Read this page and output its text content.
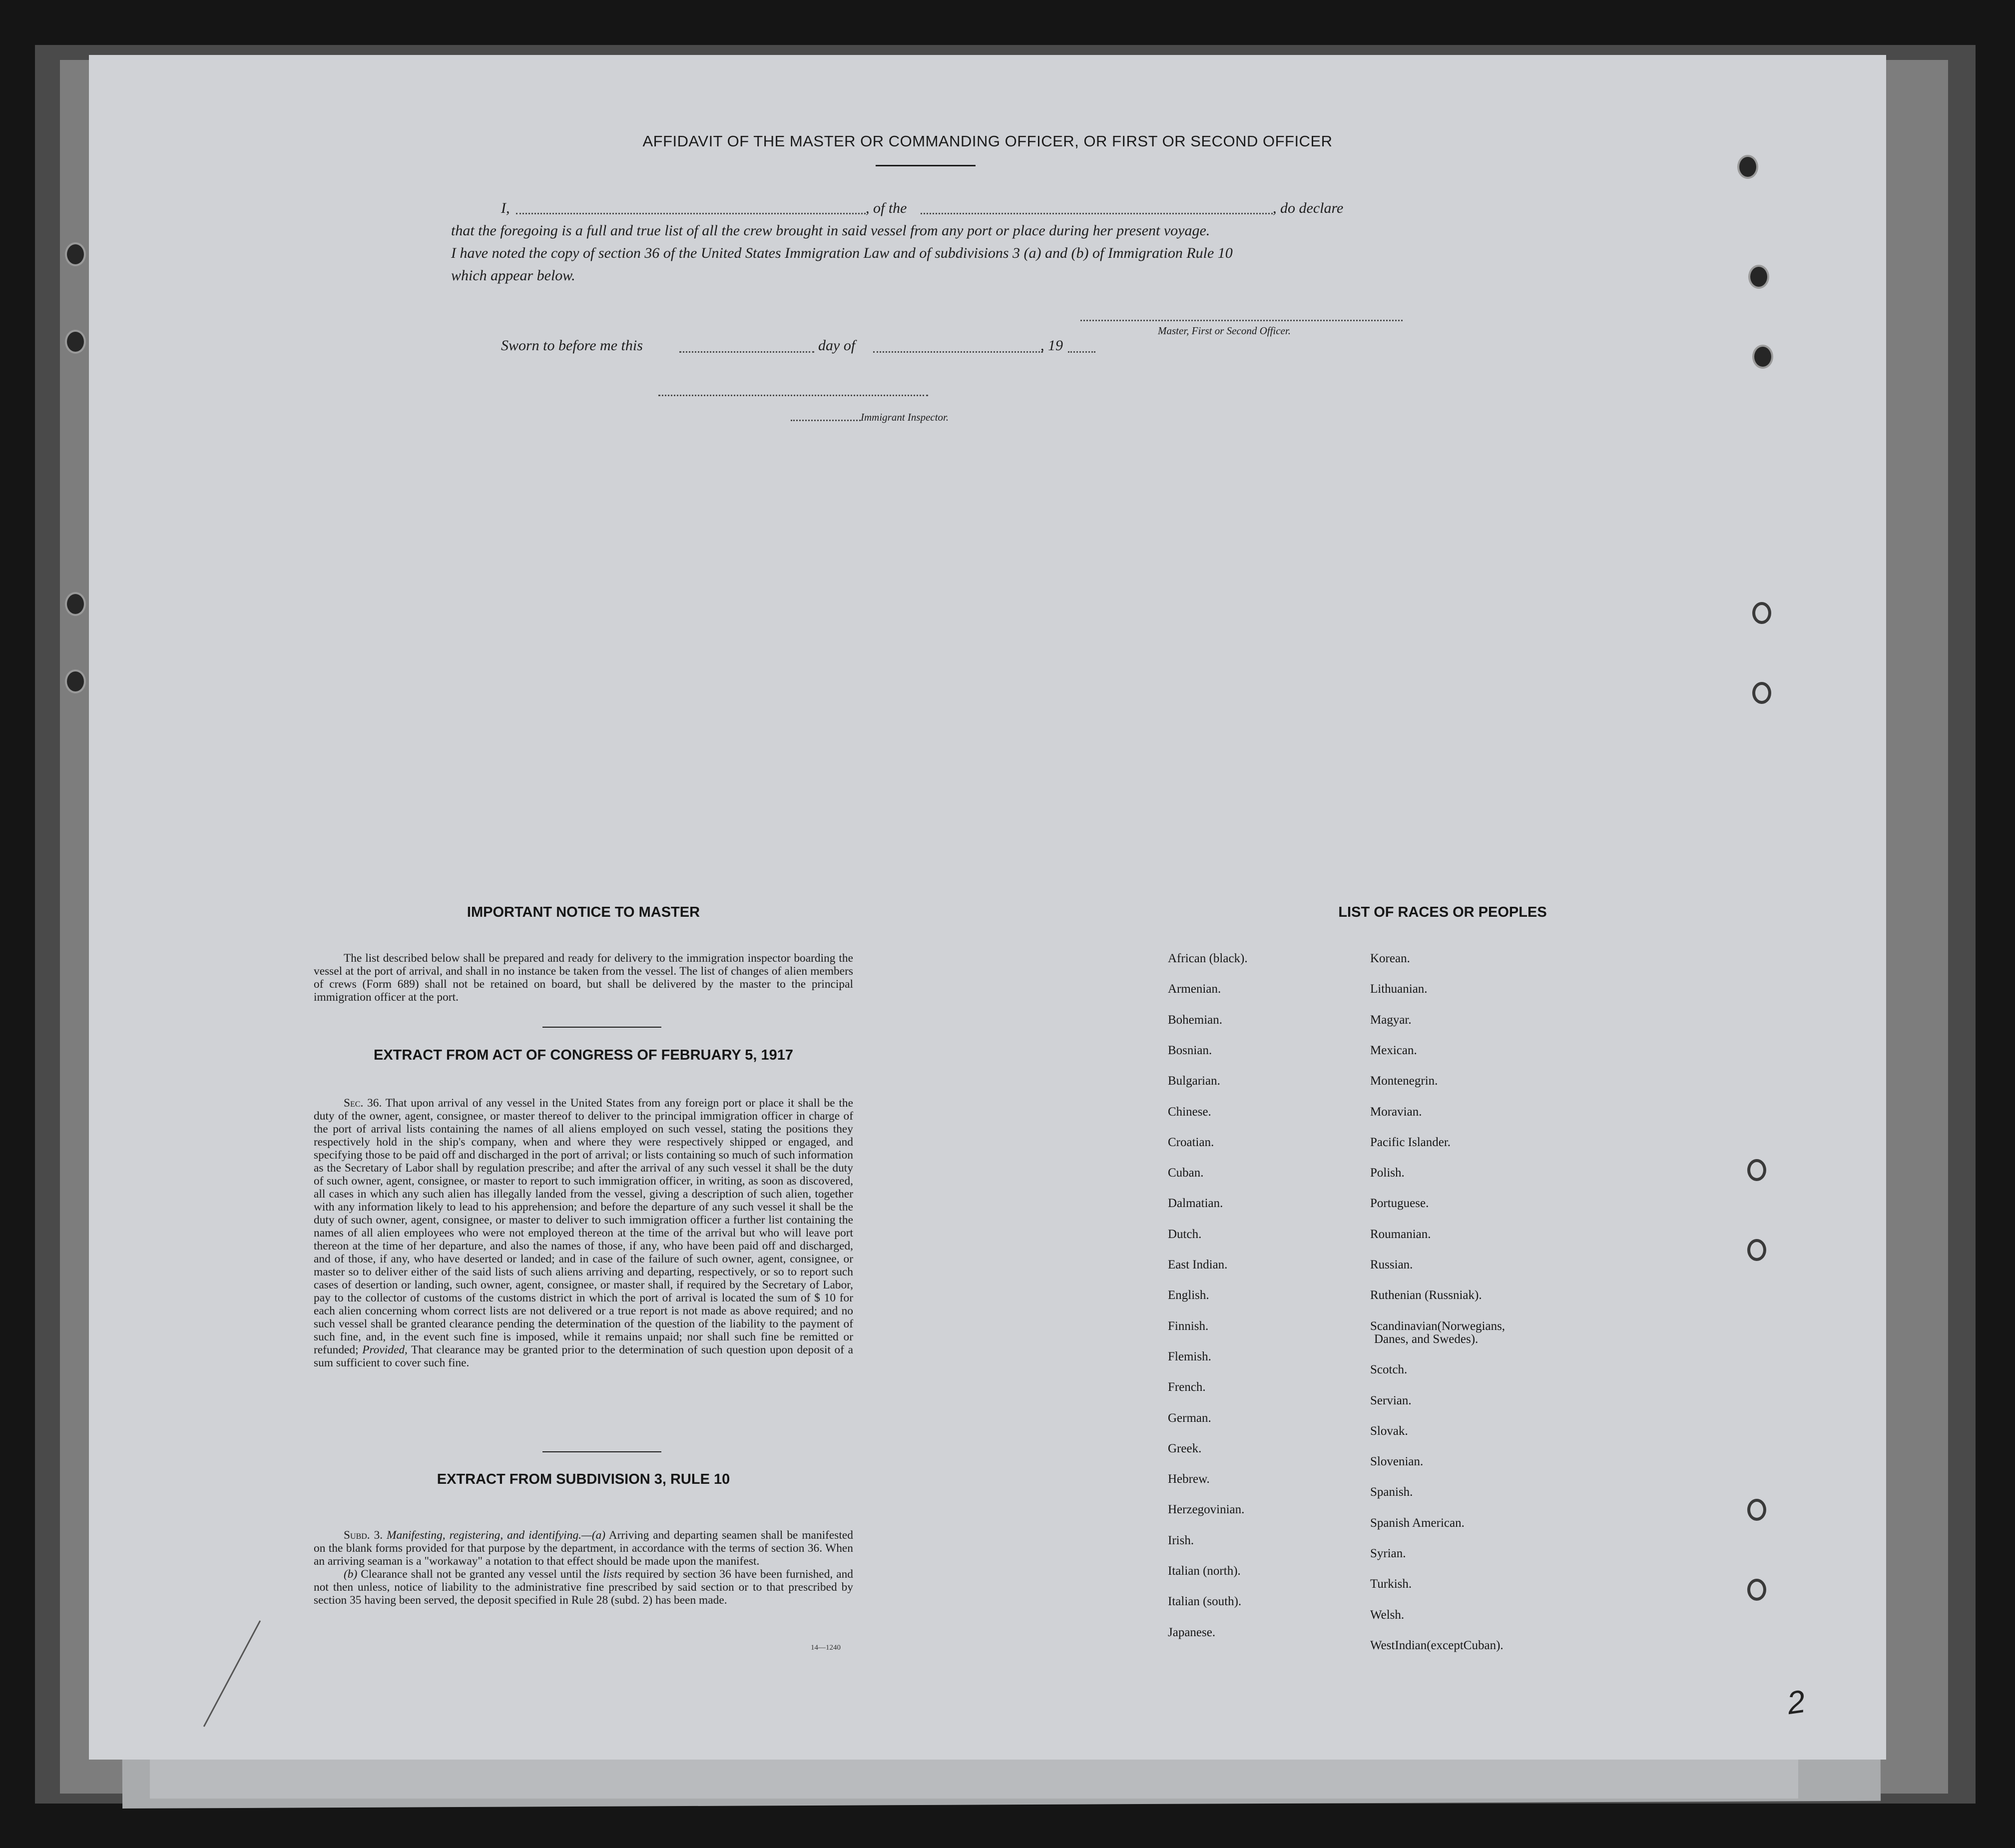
AFFIDAVIT OF THE MASTER OR COMMANDING OFFICER, OR FIRST OR SECOND OFFICER
I,	, of the	, do declare
that the foregoing is a full and true list of all the crew brought in said vessel from any port or place during her present voyage.
I have noted the copy of section 36 of the United States Immigration Law and of subdivisions 3 (a) and (b) of Immigration Rule 10
which appear below.
Master, First or Second Officer.
Sworn to before me this	day of	, 19
Immigrant Inspector.
IMPORTANT NOTICE TO MASTER
The list described below shall be prepared and ready for delivery to the immigration inspector boarding the vessel at the port of arrival, and shall in no instance be taken from the vessel. The list of changes of alien members of crews (Form 689) shall not be retained on board, but shall be delivered by the master to the principal immigration officer at the port.
EXTRACT FROM ACT OF CONGRESS OF FEBRUARY 5, 1917
Sec. 36. That upon arrival of any vessel in the United States from any foreign port or place it shall be the duty of the owner, agent, consignee, or master thereof to deliver to the principal immigration officer in charge of the port of arrival lists containing the names of all aliens employed on such vessel, stating the positions they respectively hold in the ship's company, when and where they were respectively shipped or engaged, and specifying those to be paid off and discharged in the port of arrival; or lists containing so much of such information as the Secretary of Labor shall by regulation prescribe; and after the arrival of any such vessel it shall be the duty of such owner, agent, consignee, or master to report to such immigration officer, in writing, as soon as discovered, all cases in which any such alien has illegally landed from the vessel, giving a description of such alien, together with any information likely to lead to his apprehension; and before the departure of any such vessel it shall be the duty of such owner, agent, consignee, or master to deliver to such immigration officer a further list containing the names of all alien employees who were not employed thereon at the time of the arrival but who will leave port thereon at the time of her departure, and also the names of those, if any, who have been paid off and discharged, and of those, if any, who have deserted or landed; and in case of the failure of such owner, agent, consignee, or master so to deliver either of the said lists of such aliens arriving and departing, respectively, or so to report such cases of desertion or landing, such owner, agent, consignee, or master shall, if required by the Secretary of Labor, pay to the collector of customs of the customs district in which the port of arrival is located the sum of $ 10 for each alien concerning whom correct lists are not delivered or a true report is not made as above required; and no such vessel shall be granted clearance pending the determination of the question of the liability to the payment of such fine, and, in the event such fine is imposed, while it remains unpaid; nor shall such fine be remitted or refunded; Provided, That clearance may be granted prior to the determination of such question upon deposit of a sum sufficient to cover such fine.
EXTRACT FROM SUBDIVISION 3, RULE 10
Subd. 3. Manifesting, registering, and identifying.—(a) Arriving and departing seamen shall be manifested on the blank forms provided for that purpose by the department, in accordance with the terms of section 36. When an arriving seaman is a "workaway" a notation to that effect should be made upon the manifest.
(b) Clearance shall not be granted any vessel until the lists required by section 36 have been furnished, and not then unless, notice of liability to the administrative fine prescribed by said section or to that prescribed by section 35 having been served, the deposit specified in Rule 28 (subd. 2) has been made.
14—1240
LIST OF RACES OR PEOPLES
African (black).
Armenian.
Bohemian.
Bosnian.
Bulgarian.
Chinese.
Croatian.
Cuban.
Dalmatian.
Dutch.
East Indian.
English.
Finnish.
Flemish.
French.
German.
Greek.
Hebrew.
Herzegovinian.
Irish.
Italian (north).
Italian (south).
Japanese.
Korean.
Lithuanian.
Magyar.
Mexican.
Montenegrin.
Moravian.
Pacific Islander.
Polish.
Portuguese.
Roumanian.
Russian.
Ruthenian (Russniak).
Scandinavian(Norwegians,
Danes, and Swedes).
Scotch.
Servian.
Slovak.
Slovenian.
Spanish.
Spanish American.
Syrian.
Turkish.
Welsh.
WestIndian(exceptCuban).
2
